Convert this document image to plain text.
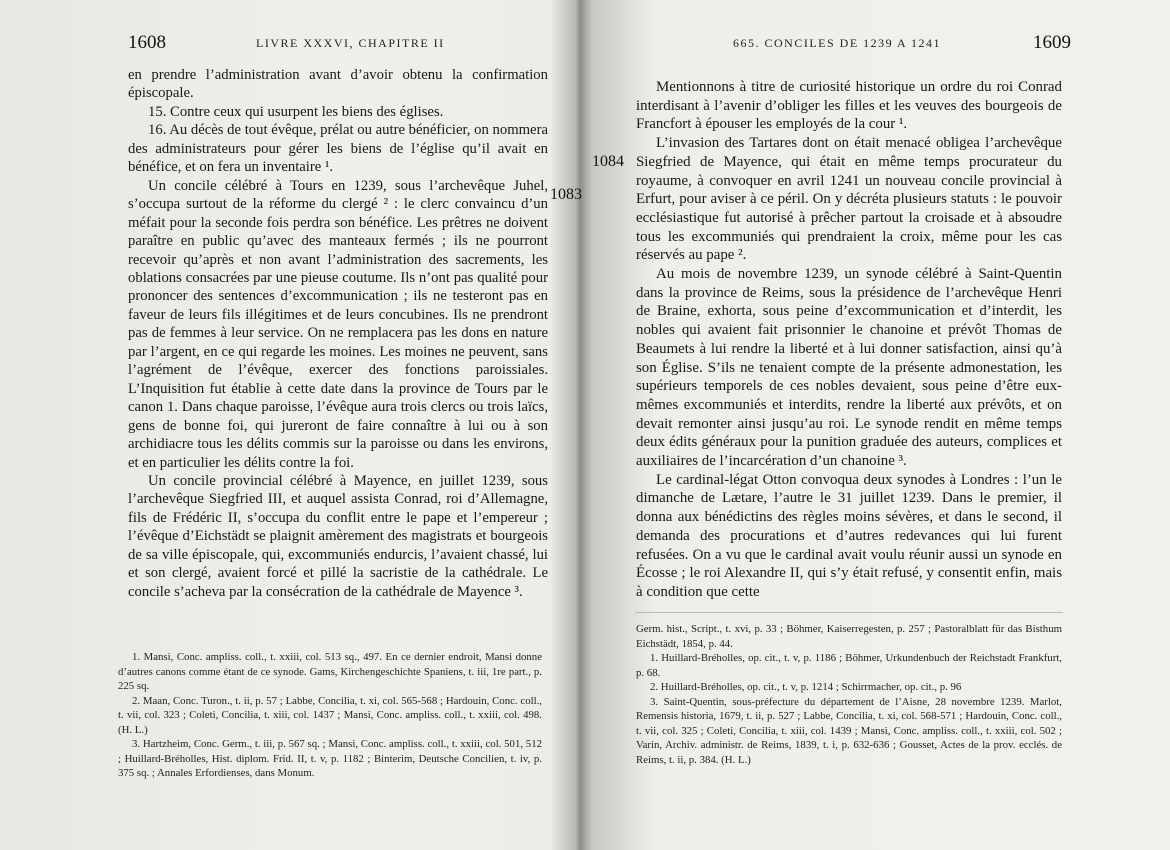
1608	LIVRE XXXVI, CHAPITRE II
1083

en prendre l’administration avant d’avoir obtenu la confirmation épiscopale.

15. Contre ceux qui usurpent les biens des églises.

16. Au décès de tout évêque, prélat ou autre bénéficier, on nommera des administrateurs pour gérer les biens de l’église qu’il avait en bénéfice, et on fera un inventaire ¹.

Un concile célébré à Tours en 1239, sous l’archevêque Juhel, s’occupa surtout de la réforme du clergé ² : le clerc convaincu d’un méfait pour la seconde fois perdra son bénéfice. Les prêtres ne doivent paraître en public qu’avec des manteaux fermés ; ils ne pourront recevoir qu’après et non avant l’administration des sacrements, les oblations consacrées par une pieuse coutume. Ils n’ont pas qualité pour prononcer des sentences d’excommunication ; ils ne testeront pas en faveur de leurs fils illégitimes et de leurs concubines. Ils ne prendront pas de femmes à leur service. On ne remplacera pas les dons en nature par l’argent, en ce qui regarde les moines. Les moines ne peuvent, sans l’agrément de l’évêque, exercer des fonctions paroissiales. L’Inquisition fut établie à cette date dans la province de Tours par le canon 1. Dans chaque paroisse, l’évêque aura trois clercs ou trois laïcs, gens de bonne foi, qui jureront de faire connaître à lui ou à son archidiacre tous les délits commis sur la paroisse ou dans les environs, et en particulier les délits contre la foi.

Un concile provincial célébré à Mayence, en juillet 1239, sous l’archevêque Siegfried III, et auquel assista Conrad, roi d’Allemagne, fils de Frédéric II, s’occupa du conflit entre le pape et l’empereur ; l’évêque d’Eichstädt se plaignit amèrement des magistrats et bourgeois de sa ville épiscopale, qui, excommuniés endurcis, l’avaient chassé, lui et son clergé, avaient forcé et pillé la sacristie de la cathédrale. Le concile s’acheva par la consécration de la cathédrale de Mayence ³.

1. Mansi, Conc. ampliss. coll., t. xxiii, col. 513 sq., 497. En ce dernier endroit, Mansi donne d’autres canons comme étant de ce synode. Gams, Kirchengeschichte Spaniens, t. iii, 1re part., p. 225 sq.

2. Maan, Conc. Turon., t. ii, p. 57 ; Labbe, Concilia, t. xi, col. 565-568 ; Hardouin, Conc. coll., t. vii, col. 323 ; Coleti, Concilia, t. xiii, col. 1437 ; Mansi, Conc. ampliss. coll., t. xxiii, col. 498. (H. L.)

3. Hartzheim, Conc. Germ., t. iii, p. 567 sq. ; Mansi, Conc. ampliss. coll., t. xxiii, col. 501, 512 ; Huillard-Bréholles, Hist. diplom. Frid. II, t. v, p. 1182 ; Binterim, Deutsche Concilien, t. iv, p. 375 sq. ; Annales Erfordienses, dans Monum.

665. CONCILES DE 1239 A 1241	1609
1084

Mentionnons à titre de curiosité historique un ordre du roi Conrad interdisant à l’avenir d’obliger les filles et les veuves des bourgeois de Francfort à épouser les employés de la cour ¹.

L’invasion des Tartares dont on était menacé obligea l’archevêque Siegfried de Mayence, qui était en même temps procurateur du royaume, à convoquer en avril 1241 un nouveau concile provincial à Erfurt, pour aviser à ce péril. On y décréta plusieurs statuts : le pouvoir ecclésiastique fut autorisé à prêcher partout la croisade et à absoudre tous les excommuniés qui prendraient la croix, même pour les cas réservés au pape ².

Au mois de novembre 1239, un synode célébré à Saint-Quentin dans la province de Reims, sous la présidence de l’archevêque Henri de Braine, exhorta, sous peine d’excommunication et d’interdit, les nobles qui avaient fait prisonnier le chanoine et prévôt Thomas de Beaumets à lui rendre la liberté et à lui donner satisfaction, ainsi qu’à son Église. S’ils ne tenaient compte de la présente admonestation, les supérieurs temporels de ces nobles devaient, sous peine d’être eux-mêmes excommuniés et interdits, rendre la liberté aux prévôts, et on devait remonter ainsi jusqu’au roi. Le synode rendit en même temps deux édits généraux pour la punition graduée des auteurs, complices et auxiliaires de l’incarcération d’un chanoine ³.

Le cardinal-légat Otton convoqua deux synodes à Londres : l’un le dimanche de Lætare, l’autre le 31 juillet 1239. Dans le premier, il donna aux bénédictins des règles moins sévères, et dans le second, il demanda des procurations et d’autres redevances qui lui furent refusées. On a vu que le cardinal avait voulu réunir aussi un synode en Écosse ; le roi Alexandre II, qui s’y était refusé, y consentit enfin, mais à condition que cette

Germ. hist., Script., t. xvi, p. 33 ; Böhmer, Kaiserregesten, p. 257 ; Pastoralblatt für das Bisthum Eichstädt, 1854, p. 44.

1. Huillard-Bréholles, op. cit., t. v, p. 1186 ; Böhmer, Urkundenbuch der Reichstadt Frankfurt, p. 68.

2. Huillard-Bréholles, op. cit., t. v, p. 1214 ; Schirrmacher, op. cit., p. 96

3. Saint-Quentin, sous-préfecture du département de l’Aisne, 28 novembre 1239. Marlot, Remensis historia, 1679, t. ii, p. 527 ; Labbe, Concilia, t. xi, col. 568-571 ; Hardouin, Conc. coll., t. vii, col. 325 ; Coleti, Concilia, t. xiii, col. 1439 ; Mansi, Conc. ampliss. coll., t. xxiii, col. 502 ; Varin, Archiv. administr. de Reims, 1839, t. i, p. 632-636 ; Gousset, Actes de la prov. ecclés. de Reims, t. ii, p. 384. (H. L.)
